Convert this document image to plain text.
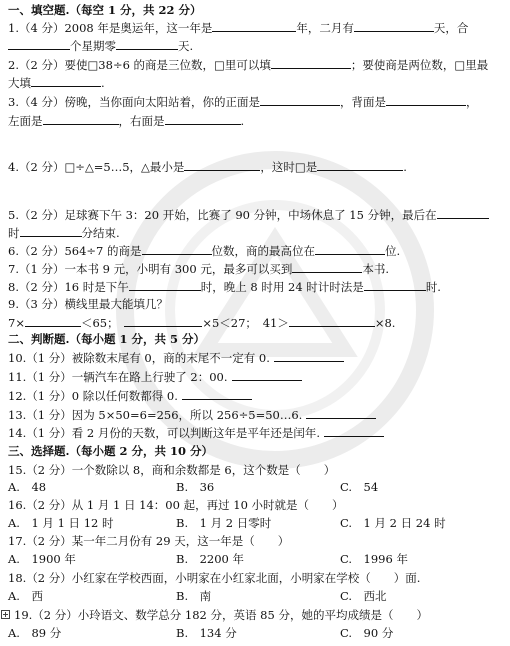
一、填空题.（每空 1 分，共 22 分）
1.（4 分）2008 年是奥运年，这一年是	年，二月有	天，合
个星期零	天.
2.（2 分）要使□38÷6 的商是三位数，□里可以填	；要使商是两位数，□里最
大填	.
3.（4 分）傍晚，当你面向太阳站着，你的正面是	，背面是	，
左面是	，右面是	.
4.（2 分）□÷△=5…5，△最小是	，这时□是	.
5.（2 分）足球赛下午 3：20 开始，比赛了 90 分钟，中场休息了 15 分钟，最后在
时	分结束.
6.（2 分）564÷7 的商是	位数，商的最高位在	位.
7.（1 分）一本书 9 元，小明有 300 元，最多可以买到	本书.
8.（2 分）16 时是下午	时，晚上 8 时用 24 时计时法是	时.
9.（3 分）横线里最大能填几？
7×	＜65；　	×5＜27；　 41＞	×8.
二、判断题.（每小题 1 分，共 5 分）
10.（1 分）被除数末尾有 0，商的末尾不一定有 0.
11.（1 分）一辆汽车在路上行驶了 2：00.
12.（1 分）0 除以任何数都得 0.
13.（1 分）因为 5×50=6=256，所以 256÷5=50…6.
14.（1 分）看 2 月份的天数，可以判断这年是平年还是闰年.
三、选择题.（每小题 2 分，共 10 分）
15.（2 分）一个数除以 8，商和余数都是 6，这个数是（　　）
A.　48	B.　36	C.　54
16.（2 分）从 1 月 1 日 14：00 起，再过 10 小时就是（　　）
A.　1 月 1 日 12 时	B.　1 月 2 日零时	C.　1 月 2 日 24 时
17.（2 分）某一年二月份有 29 天，这一年是（　　）
A.　1900 年	B.　2200 年	C.　1996 年
18.（2 分）小红家在学校西面，小明家在小红家北面，小明家在学校（　　）面.
A.　西	B.　南	C.　西北
19.（2 分）小玲语文、数学总分 182 分，英语 85 分，她的平均成绩是（　　）
A.　89 分	B.　134 分	C.　90 分
